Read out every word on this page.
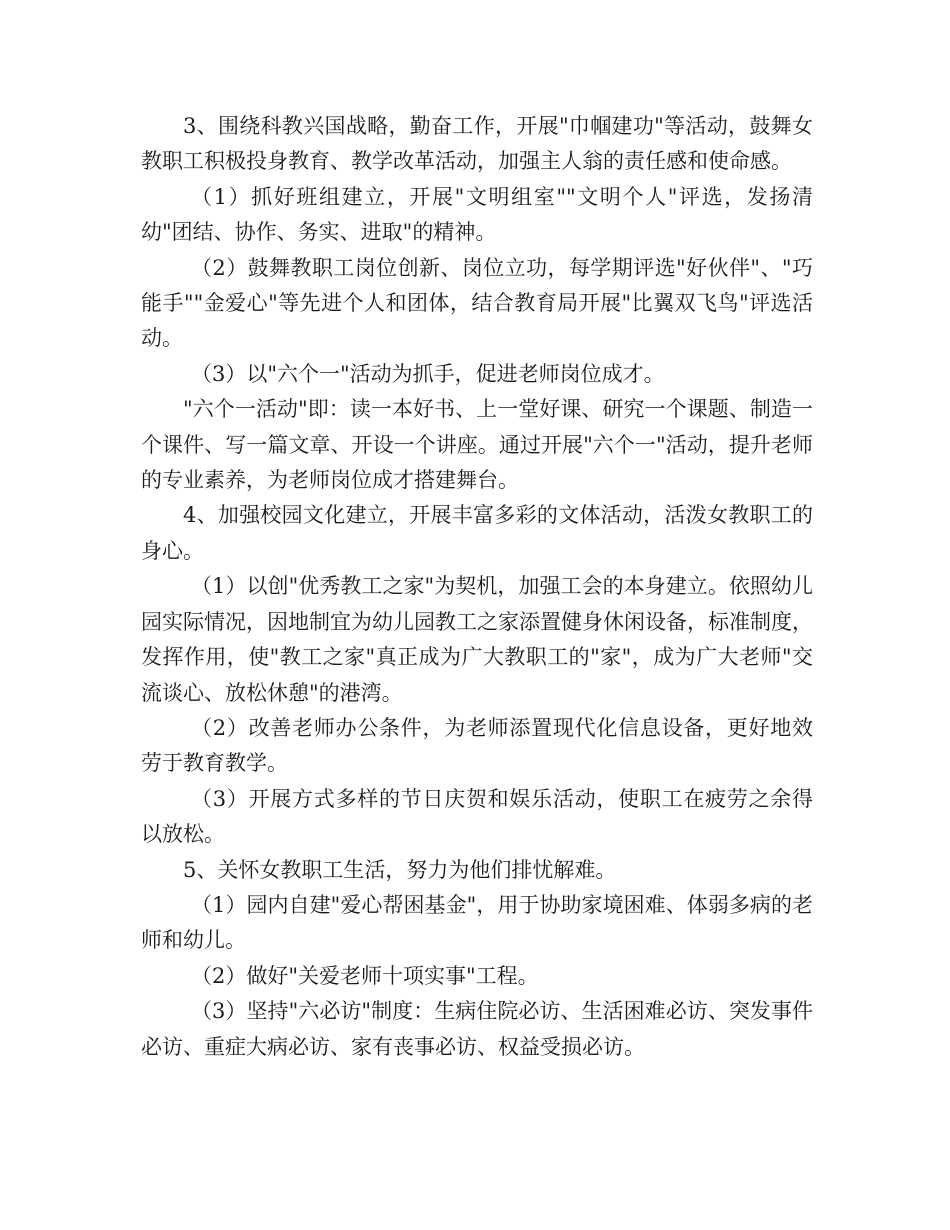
3、围绕科教兴国战略，勤奋工作，开展"巾帼建功"等活动，鼓舞女教职工积极投身教育、教学改革活动，加强主人翁的责任感和使命感。

（1）抓好班组建立，开展"文明组室""文明个人"评选，发扬清幼"团结、协作、务实、进取"的精神。

（2）鼓舞教职工岗位创新、岗位立功，每学期评选"好伙伴"、"巧能手""金爱心"等先进个人和团体，结合教育局开展"比翼双飞鸟"评选活动。

（3）以"六个一"活动为抓手，促进老师岗位成才。

"六个一活动"即：读一本好书、上一堂好课、研究一个课题、制造一个课件、写一篇文章、开设一个讲座。通过开展"六个一"活动，提升老师的专业素养，为老师岗位成才搭建舞台。

4、加强校园文化建立，开展丰富多彩的文体活动，活泼女教职工的身心。

（1）以创"优秀教工之家"为契机，加强工会的本身建立。依照幼儿园实际情况，因地制宜为幼儿园教工之家添置健身休闲设备，标准制度，发挥作用，使"教工之家"真正成为广大教职工的"家"，成为广大老师"交流谈心、放松休憩"的港湾。

（2）改善老师办公条件，为老师添置现代化信息设备，更好地效劳于教育教学。

（3）开展方式多样的节日庆贺和娱乐活动，使职工在疲劳之余得以放松。

5、关怀女教职工生活，努力为他们排忧解难。

（1）园内自建"爱心帮困基金"，用于协助家境困难、体弱多病的老师和幼儿。

（2）做好"关爱老师十项实事"工程。

（3）坚持"六必访"制度：生病住院必访、生活困难必访、突发事件必访、重症大病必访、家有丧事必访、权益受损必访。
